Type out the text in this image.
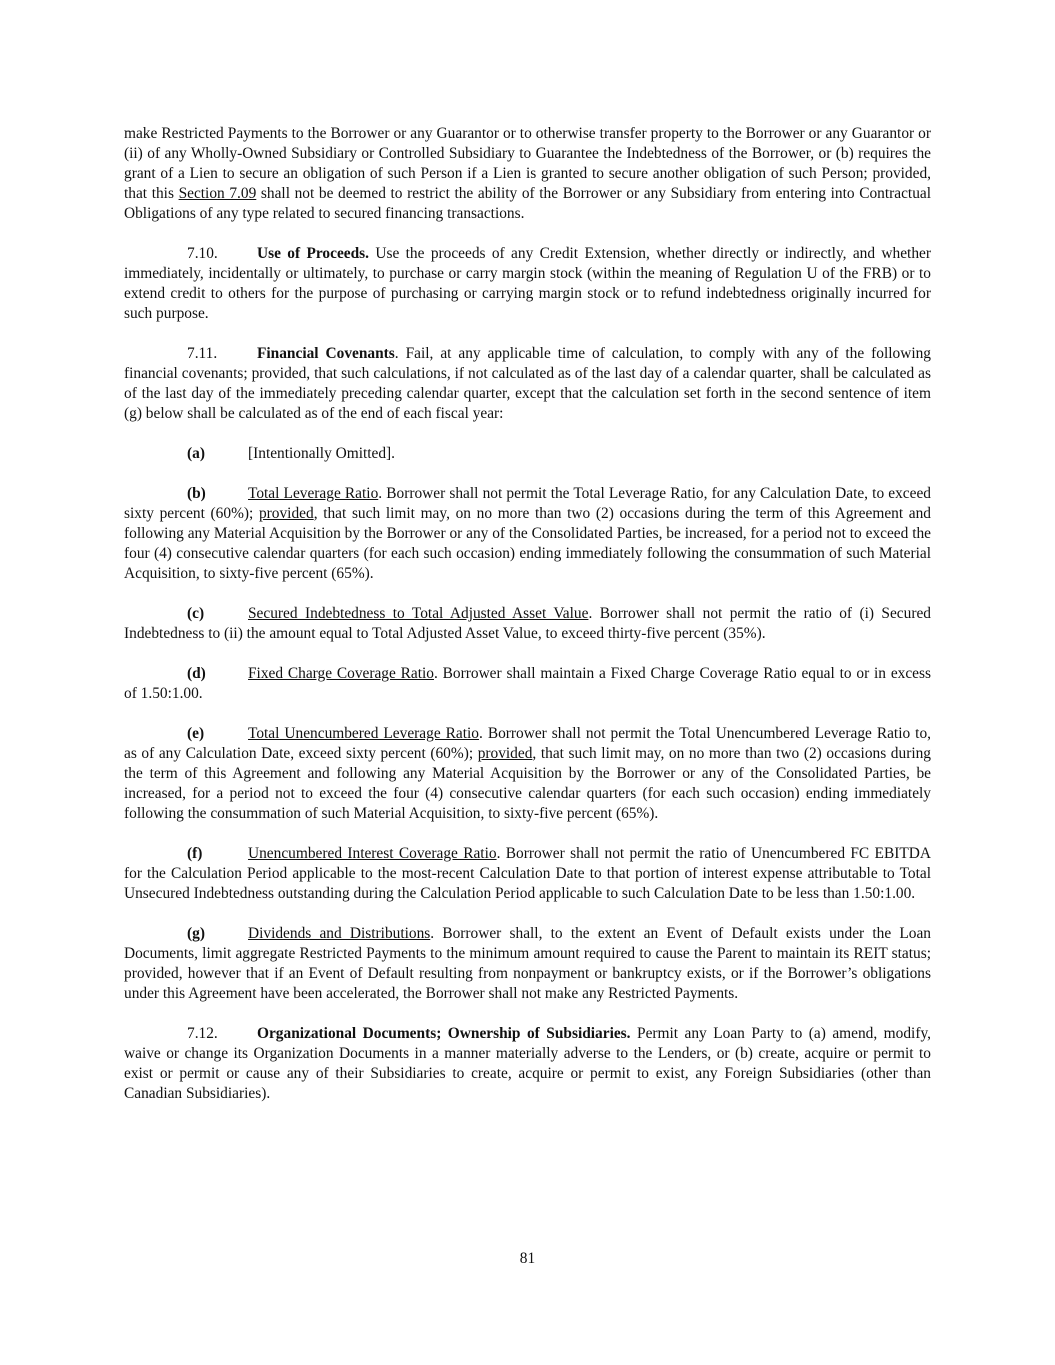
make Restricted Payments to the Borrower or any Guarantor or to otherwise transfer property to the Borrower or any Guarantor or (ii) of any Wholly-Owned Subsidiary or Controlled Subsidiary to Guarantee the Indebtedness of the Borrower, or (b) requires the grant of a Lien to secure an obligation of such Person if a Lien is granted to secure another obligation of such Person; provided, that this Section 7.09 shall not be deemed to restrict the ability of the Borrower or any Subsidiary from entering into Contractual Obligations of any type related to secured financing transactions.

7.10.	Use of Proceeds. Use the proceeds of any Credit Extension, whether directly or indirectly, and whether immediately, incidentally or ultimately, to purchase or carry margin stock (within the meaning of Regulation U of the FRB) or to extend credit to others for the purpose of purchasing or carrying margin stock or to refund indebtedness originally incurred for such purpose.

7.11.	Financial Covenants. Fail, at any applicable time of calculation, to comply with any of the following financial covenants; provided, that such calculations, if not calculated as of the last day of a calendar quarter, shall be calculated as of the last day of the immediately preceding calendar quarter, except that the calculation set forth in the second sentence of item (g) below shall be calculated as of the end of each fiscal year:

(a)	[Intentionally Omitted].

(b)	Total Leverage Ratio. Borrower shall not permit the Total Leverage Ratio, for any Calculation Date, to exceed sixty percent (60%); provided, that such limit may, on no more than two (2) occasions during the term of this Agreement and following any Material Acquisition by the Borrower or any of the Consolidated Parties, be increased, for a period not to exceed the four (4) consecutive calendar quarters (for each such occasion) ending immediately following the consummation of such Material Acquisition, to sixty-five percent (65%).

(c)	Secured Indebtedness to Total Adjusted Asset Value. Borrower shall not permit the ratio of (i) Secured Indebtedness to (ii) the amount equal to Total Adjusted Asset Value, to exceed thirty-five percent (35%).

(d)	Fixed Charge Coverage Ratio. Borrower shall maintain a Fixed Charge Coverage Ratio equal to or in excess of 1.50:1.00.

(e)	Total Unencumbered Leverage Ratio. Borrower shall not permit the Total Unencumbered Leverage Ratio to, as of any Calculation Date, exceed sixty percent (60%); provided, that such limit may, on no more than two (2) occasions during the term of this Agreement and following any Material Acquisition by the Borrower or any of the Consolidated Parties, be increased, for a period not to exceed the four (4) consecutive calendar quarters (for each such occasion) ending immediately following the consummation of such Material Acquisition, to sixty-five percent (65%).

(f)	Unencumbered Interest Coverage Ratio. Borrower shall not permit the ratio of Unencumbered FC EBITDA for the Calculation Period applicable to the most-recent Calculation Date to that portion of interest expense attributable to Total Unsecured Indebtedness outstanding during the Calculation Period applicable to such Calculation Date to be less than 1.50:1.00.

(g)	Dividends and Distributions. Borrower shall, to the extent an Event of Default exists under the Loan Documents, limit aggregate Restricted Payments to the minimum amount required to cause the Parent to maintain its REIT status; provided, however that if an Event of Default resulting from nonpayment or bankruptcy exists, or if the Borrower’s obligations under this Agreement have been accelerated, the Borrower shall not make any Restricted Payments.

7.12.	Organizational Documents; Ownership of Subsidiaries. Permit any Loan Party to (a) amend, modify, waive or change its Organization Documents in a manner materially adverse to the Lenders, or (b) create, acquire or permit to exist or permit or cause any of their Subsidiaries to create, acquire or permit to exist, any Foreign Subsidiaries (other than Canadian Subsidiaries).

81
